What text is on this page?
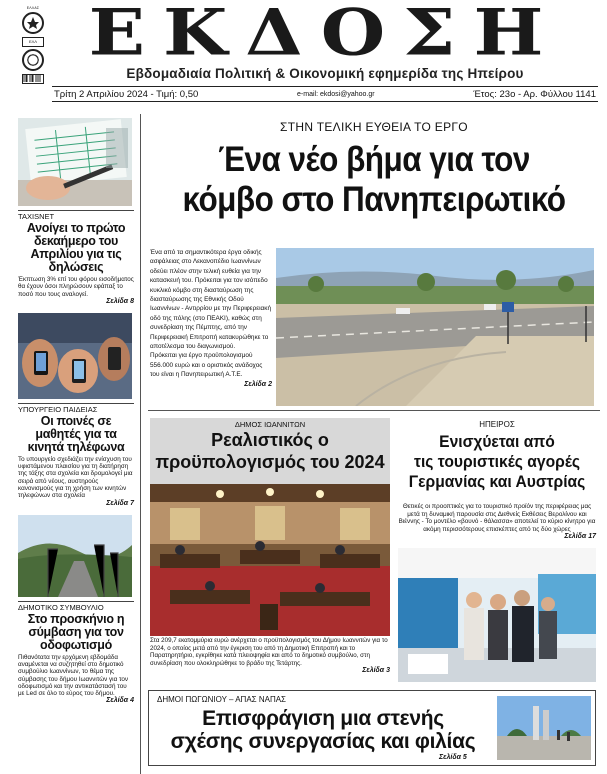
ΕΛΛΑΣ
ΕΛΛ ΕΚΔΟΣΗ
Εβδομαδιαία Πολιτική & Οικονομική εφημερίδα της Ηπείρου
Τρίτη 2 Απριλίου 2024 - Τιμή: 0,50	e-mail: ekdosi@yahoo.gr	Έτος: 23ο - Αρ. Φύλλου 1141
ΤΑΧΙSNET
Ανοίγει το πρώτο δεκαήμερο του Απριλίου για τις δηλώσεις

Έκπτωση 3% επί του φόρου εισοδήματος θα έχουν όσοι πληρώσουν εφάπαξ το ποσό που τους αναλογεί.

Σελίδα 8
ΥΠΟΥΡΓΕΙΟ ΠΑΙΔΕΙΑΣ
Οι ποινές σε μαθητές για τα κινητά τηλέφωνα

Το υπουργείο σχεδιάζει την ενίσχυση του υφιστάμενου πλαισίου για τη διατήρηση της τάξης στα σχολεία και δρομολογεί μια σειρά από νέους, αυστηρούς κανονισμούς για τη χρήση των κινητών τηλεφώνων στα σχολεία

Σελίδα 7
ΔΗΜΟΤΙΚΟ ΣΥΜΒΟΥΛΙΟ
Στο προσκήνιο η σύμβαση για τον οδοφωτισμό

Πιθανότατα την ερχόμενη εβδομάδα αναμένεται να συζητηθεί στο δημοτικό συμβούλιο Ιωαννίνων, το θέμα της σύμβασης του δήμου Ιωαννιτών για τον οδοφωτισμό και την αντικατάστασή του με Led σε όλο το εύρος του δήμου.

Σελίδα 4
ΣΤΗΝ ΤΕΛΙΚΗ ΕΥΘΕΙΑ ΤΟ ΕΡΓΟ
Ένα νέο βήμα για τον
κόμβο στο Πανηπειρωτικό

Ένα από τα σημαντικότερα έργα οδικής ασφάλειας στο Λεκανοπέδιο Ιωαννίνων οδεύει πλέον στην τελική ευθεία για την κατασκευή του. Πρόκειται για τον ισόπεδο κυκλικό κόμβο στη διασταύρωση της διασταύρωσης της Εθνικής Οδού Ιωαννίνων - Αντιρρίου με την Περιφερειακή οδό της πόλης (στο ΠΕΑΚΙ), καθώς στη συνεδρίαση της Πέμπτης, από την Περιφερειακή Επιτροπή κατακυρώθηκε το αποτέλεσμα του διαγωνισμού.

Πρόκειται για έργο προϋπολογισμού 556.000 ευρώ και ο οριστικός ανάδοχος του είναι η Πανηπειρωτική Α.Τ.Ε.

Σελίδα 2
ΔΗΜΟΣ ΙΩΑΝΝΙΤΩΝ
Ρεαλιστικός ο
προϋπολογισμός του 2024

Στα 209,7 εκατομμύρια ευρώ ανέρχεται ο προϋπολογισμός του Δήμου Ιωαννιτών για το 2024, ο οποίος μετά από την έγκριση του από τη Δημοτική Επιτροπή και το Παρατηρητήριο, εγκρίθηκε κατά πλειοψηφία και από το δημοτικό συμβούλιο, στη συνεδρίαση που ολοκληρώθηκε το βράδυ της Τετάρτης.

Σελίδα 3
ΗΠΕΙΡΟΣ
Ενισχύεται από
τις τουριστικές αγορές
Γερμανίας και Αυστρίας

Θετικές οι προοπτικές για το τουριστικό προϊόν της περιφέρειας μας μετά τη δυναμική παρουσία στις Διεθνείς Εκθέσεις Βερολίνου και Βιέννης - Το μοντέλο «βουνό - θάλασσα» αποτελεί το κύριο κίνητρο για ακόμη περισσότερους επισκέπτες από τις δύο χώρες

Σελίδα 17
ΔΗΜΟΙ ΠΩΓΩΝΙΟΥ – ΑΠΑΣ ΝΑΠΑΣ
Επισφράγιση μια στενής
σχέσης συνεργασίας και φιλίας
Σελίδα 5
